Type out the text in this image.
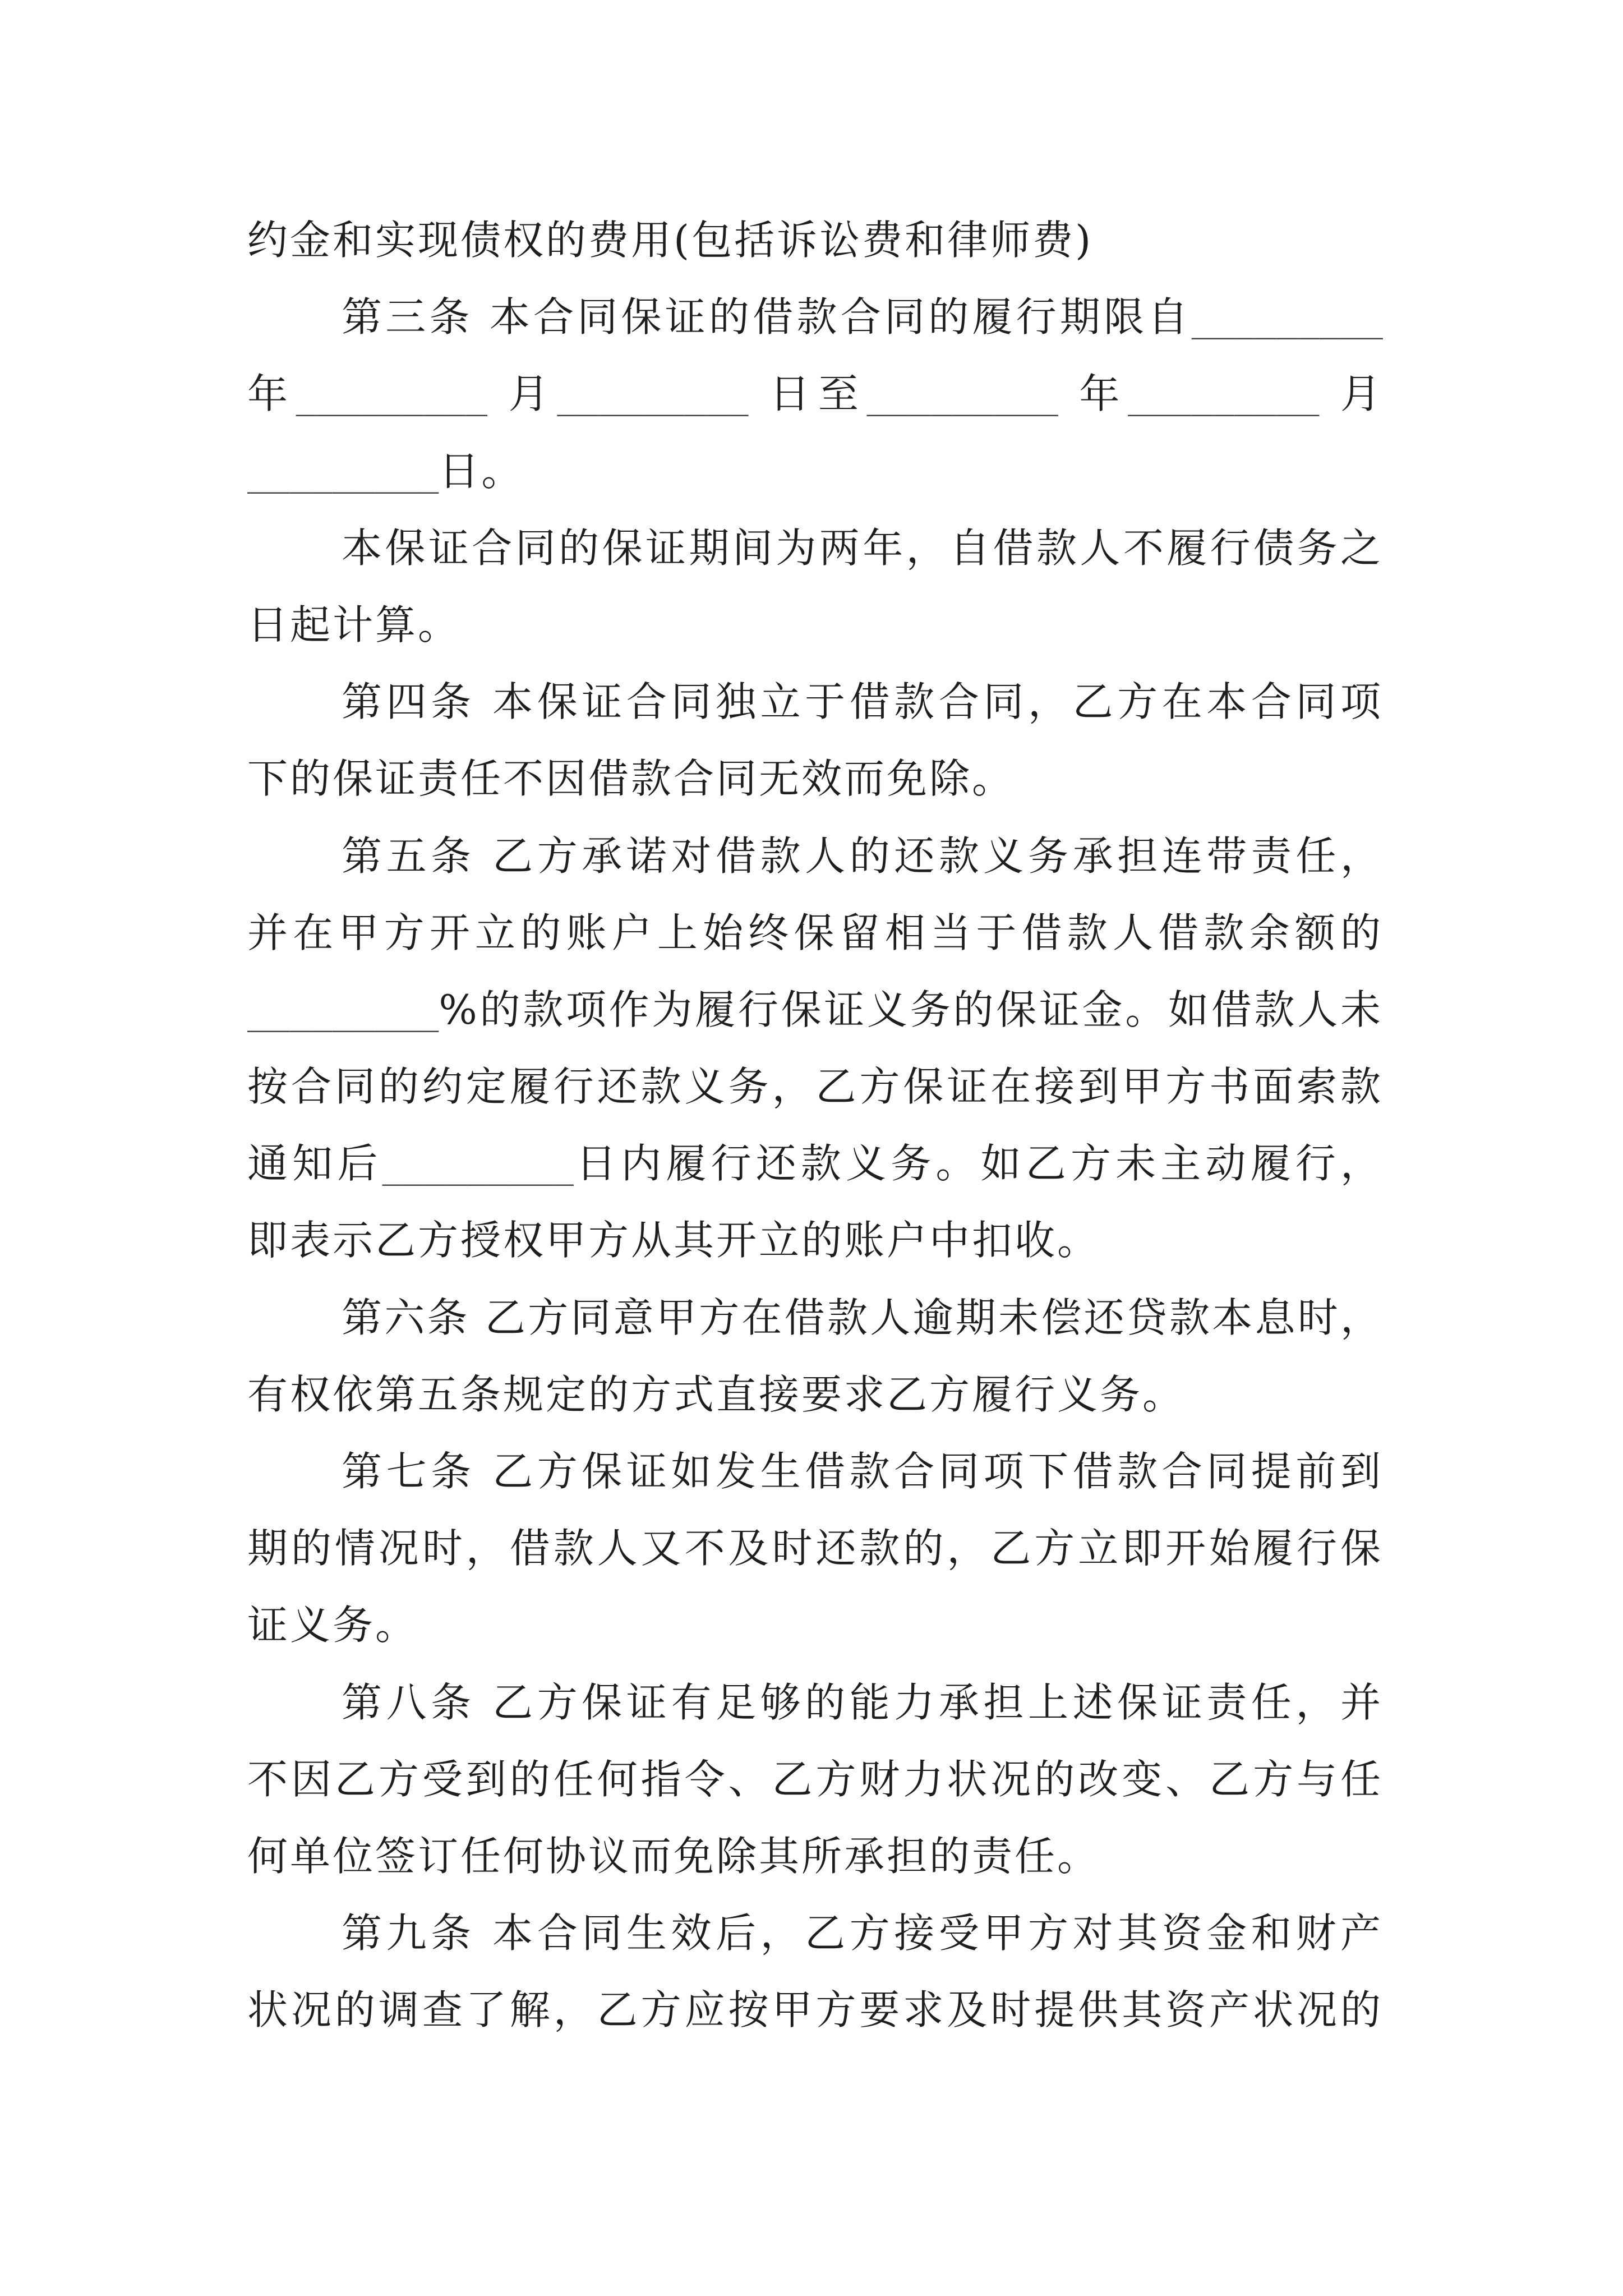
约金和实现债权的费用(包括诉讼费和律师费)
第三条 本合同保证的借款合同的履行期限自_________
年_________ 月_________ 日至_________ 年_________ 月
_________日。
本保证合同的保证期间为两年，自借款人不履行债务之
日起计算。
第四条 本保证合同独立于借款合同，乙方在本合同项
下的保证责任不因借款合同无效而免除。
第五条 乙方承诺对借款人的还款义务承担连带责任，
并在甲方开立的账户上始终保留相当于借款人借款余额的
_________%的款项作为履行保证义务的保证金。如借款人未
按合同的约定履行还款义务，乙方保证在接到甲方书面索款
通知后_________日内履行还款义务。如乙方未主动履行，
即表示乙方授权甲方从其开立的账户中扣收。
第六条 乙方同意甲方在借款人逾期未偿还贷款本息时，
有权依第五条规定的方式直接要求乙方履行义务。
第七条 乙方保证如发生借款合同项下借款合同提前到
期的情况时，借款人又不及时还款的，乙方立即开始履行保
证义务。
第八条 乙方保证有足够的能力承担上述保证责任，并
不因乙方受到的任何指令、乙方财力状况的改变、乙方与任
何单位签订任何协议而免除其所承担的责任。
第九条 本合同生效后，乙方接受甲方对其资金和财产
状况的调查了解，乙方应按甲方要求及时提供其资产状况的
